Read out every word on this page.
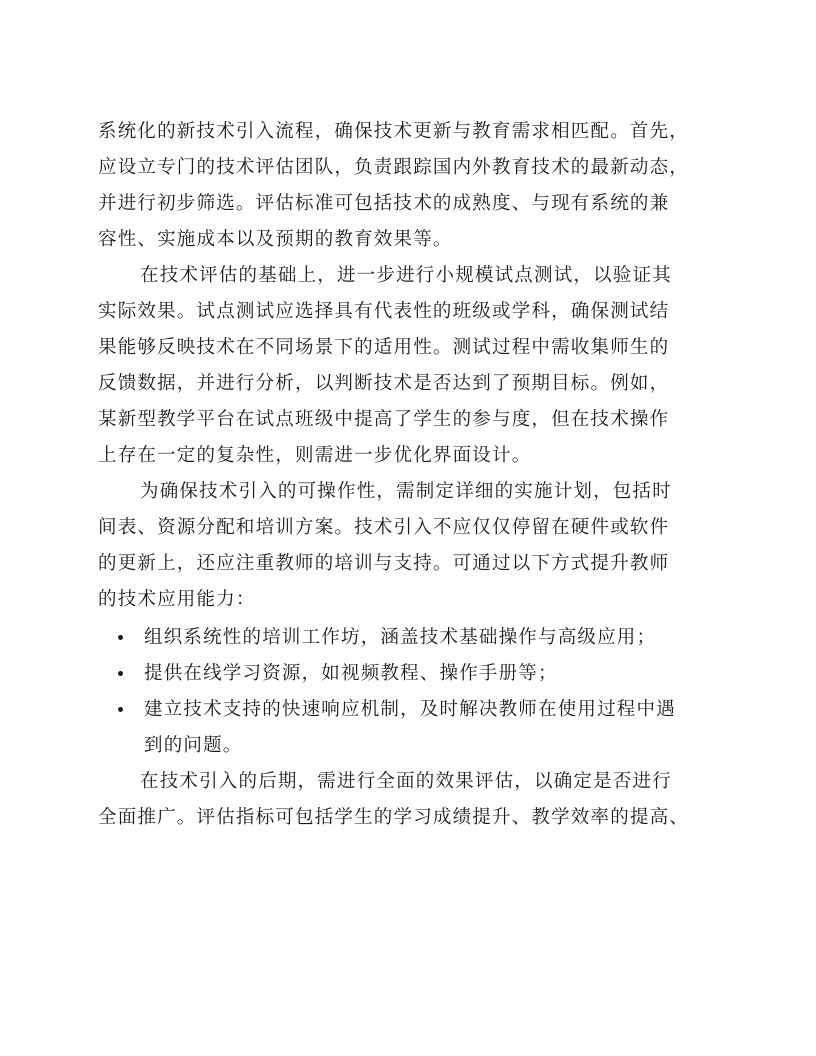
系统化的新技术引入流程，确保技术更新与教育需求相匹配。首先，
应设立专门的技术评估团队，负责跟踪国内外教育技术的最新动态，
并进行初步筛选。评估标准可包括技术的成熟度、与现有系统的兼
容性、实施成本以及预期的教育效果等。
在技术评估的基础上，进一步进行小规模试点测试，以验证其
实际效果。试点测试应选择具有代表性的班级或学科，确保测试结
果能够反映技术在不同场景下的适用性。测试过程中需收集师生的
反馈数据，并进行分析，以判断技术是否达到了预期目标。例如，
某新型教学平台在试点班级中提高了学生的参与度，但在技术操作
上存在一定的复杂性，则需进一步优化界面设计。
为确保技术引入的可操作性，需制定详细的实施计划，包括时
间表、资源分配和培训方案。技术引入不应仅仅停留在硬件或软件
的更新上，还应注重教师的培训与支持。可通过以下方式提升教师
的技术应用能力：
组织系统性的培训工作坊，涵盖技术基础操作与高级应用；
提供在线学习资源，如视频教程、操作手册等；
建立技术支持的快速响应机制，及时解决教师在使用过程中遇
到的问题。
在技术引入的后期，需进行全面的效果评估，以确定是否进行
全面推广。评估指标可包括学生的学习成绩提升、教学效率的提高、
